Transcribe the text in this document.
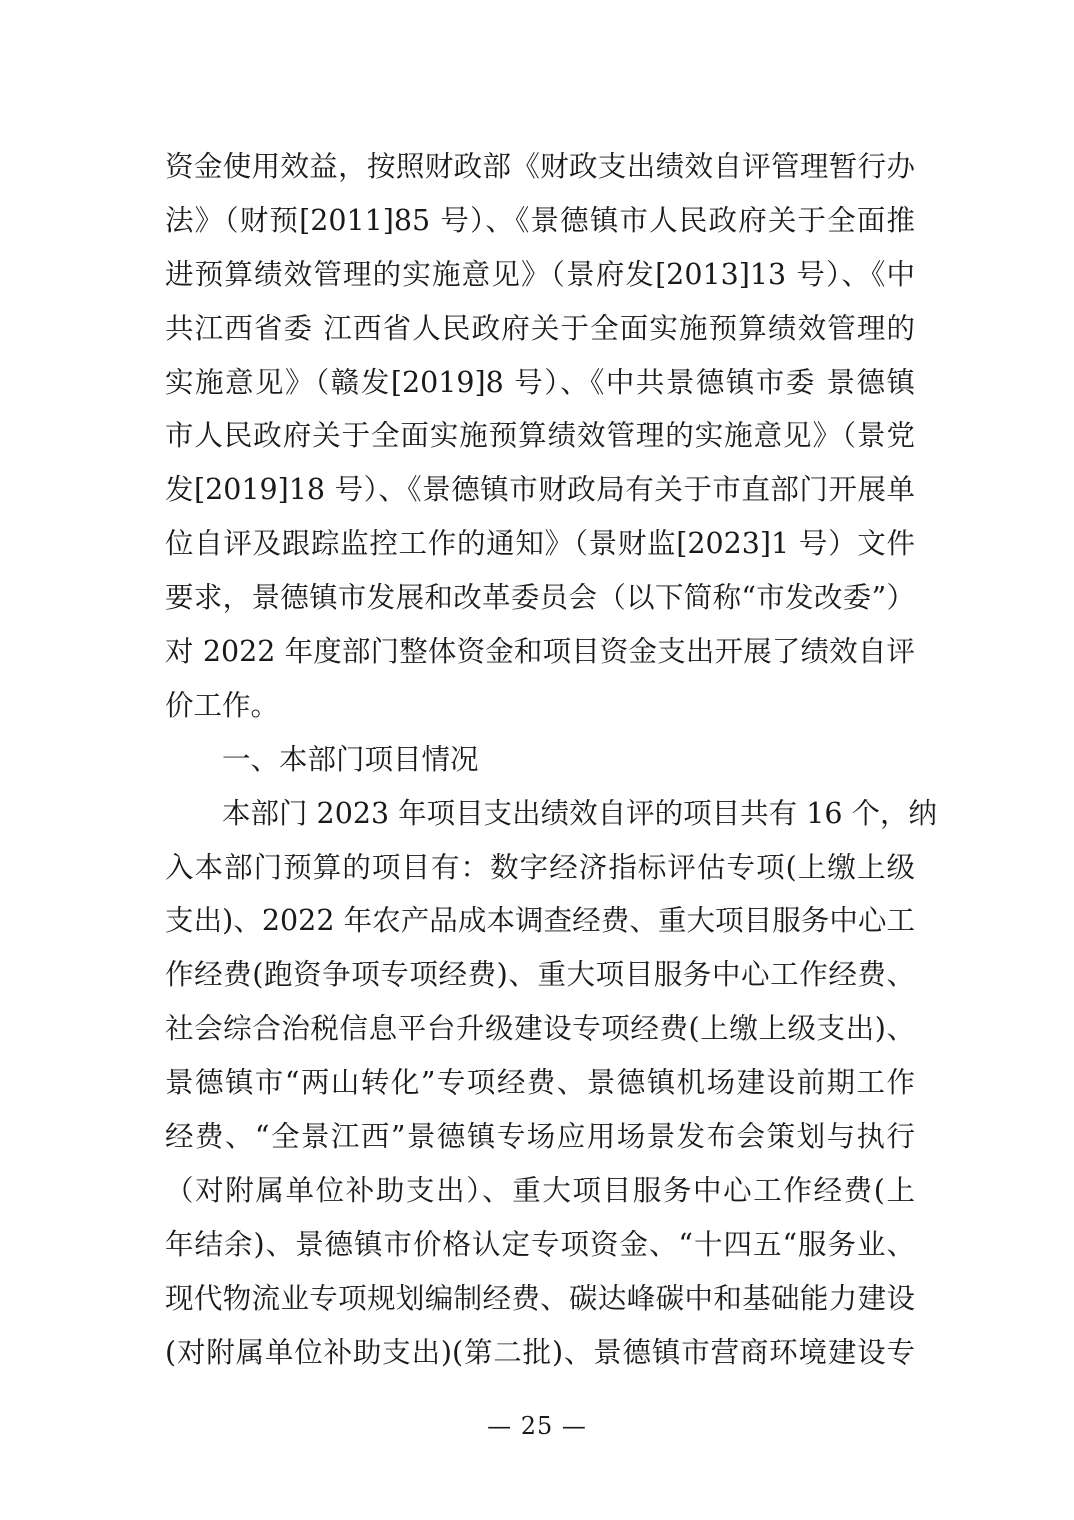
资金使用效益，按照财政部《财政支出绩效自评管理暂行办
法》（财预[2011]85 号）、《景德镇市人民政府关于全面推
进预算绩效管理的实施意见》（景府发[2013]13 号）、《中
共江西省委 江西省人民政府关于全面实施预算绩效管理的
实施意见》（赣发[2019]8 号）、《中共景德镇市委 景德镇
市人民政府关于全面实施预算绩效管理的实施意见》（景党
发[2019]18 号）、《景德镇市财政局有关于市直部门开展单
位自评及跟踪监控工作的通知》（景财监[2023]1 号）文件
要求，景德镇市发展和改革委员会（以下简称“市发改委”）
对 2022 年度部门整体资金和项目资金支出开展了绩效自评
价工作。
一、本部门项目情况
本部门 2023 年项目支出绩效自评的项目共有 16 个，纳
入本部门预算的项目有：数字经济指标评估专项(上缴上级
支出)、2022 年农产品成本调查经费、重大项目服务中心工
作经费(跑资争项专项经费)、重大项目服务中心工作经费、
社会综合治税信息平台升级建设专项经费(上缴上级支出)、
景德镇市“两山转化”专项经费、景德镇机场建设前期工作
经费、“全景江西”景德镇专场应用场景发布会策划与执行
（对附属单位补助支出）、重大项目服务中心工作经费(上
年结余)、景德镇市价格认定专项资金、“十四五“服务业、
现代物流业专项规划编制经费、碳达峰碳中和基础能力建设
(对附属单位补助支出)(第二批)、景德镇市营商环境建设专
— 25 —
